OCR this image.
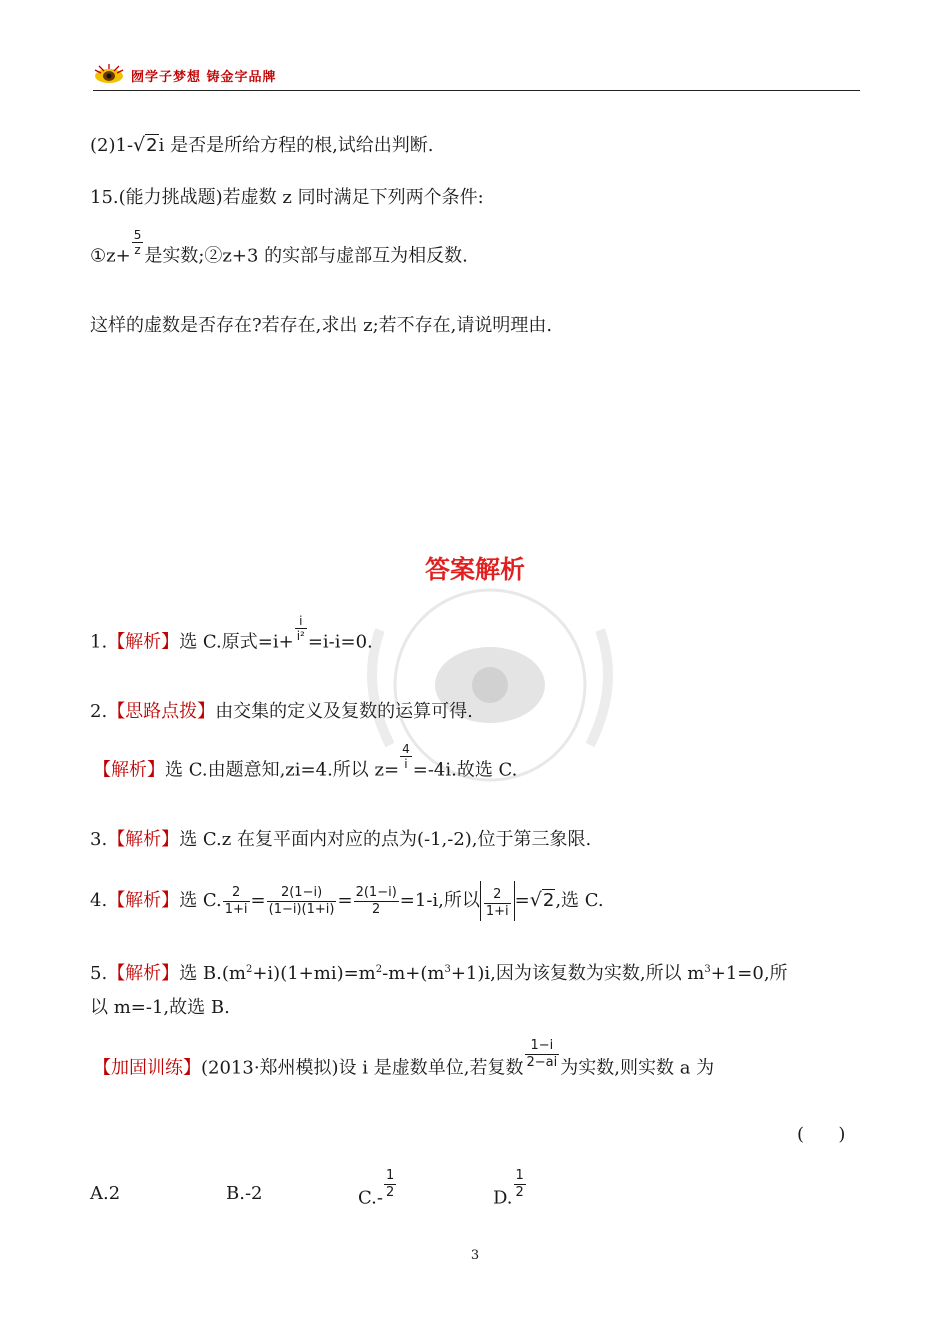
囫学子梦想 铸金字品牌
(2)1-√2i 是否是所给方程的根,试给出判断.
15.(能力挑战题)若虚数 z 同时满足下列两个条件:
①z+ $\frac{5}{z}$ 是实数;②z+3 的实部与虚部互为相反数.
这样的虚数是否存在?若存在,求出 z;若不存在,请说明理由.
答案解析
1.【解析】选 C.原式$=i+ \frac{i}{\text{i²}} =i-i=0$.
2.【思路点拨】由交集的定义及复数的运算可得.
【解析】选 C.由题意知,zi=4.所以 $z= \frac{4}{i} =-4i$.故选 C.
3.【解析】选 C.z 在复平面内对应的点为(-1,-2),位于第三象限.
4.【解析】选 C. $\frac{2}{1+i} = \frac{2(1-i)}{(1-i)(1+i)} = \frac{2(1-i)}{2} =1-i$,所以 $\frac{2}{1+i} =√2$,选 C.
5.【解析】选 $B.(m^2+i)(1+mi)=m^2-m+(m^3+1)i$,因为该复数为实数,所以 $m^3+1=0$,所
以 m=-1,故选 B.
【加固训练】(2013·郑州模拟)设 i 是虚数单位,若复数 $\frac{1-i}{2-ai}$ 为实数,则实数 a 为
(      )
A.2	B.-2	$C.- \frac{1}{2}$	D. $\frac{1}{2}$
3
